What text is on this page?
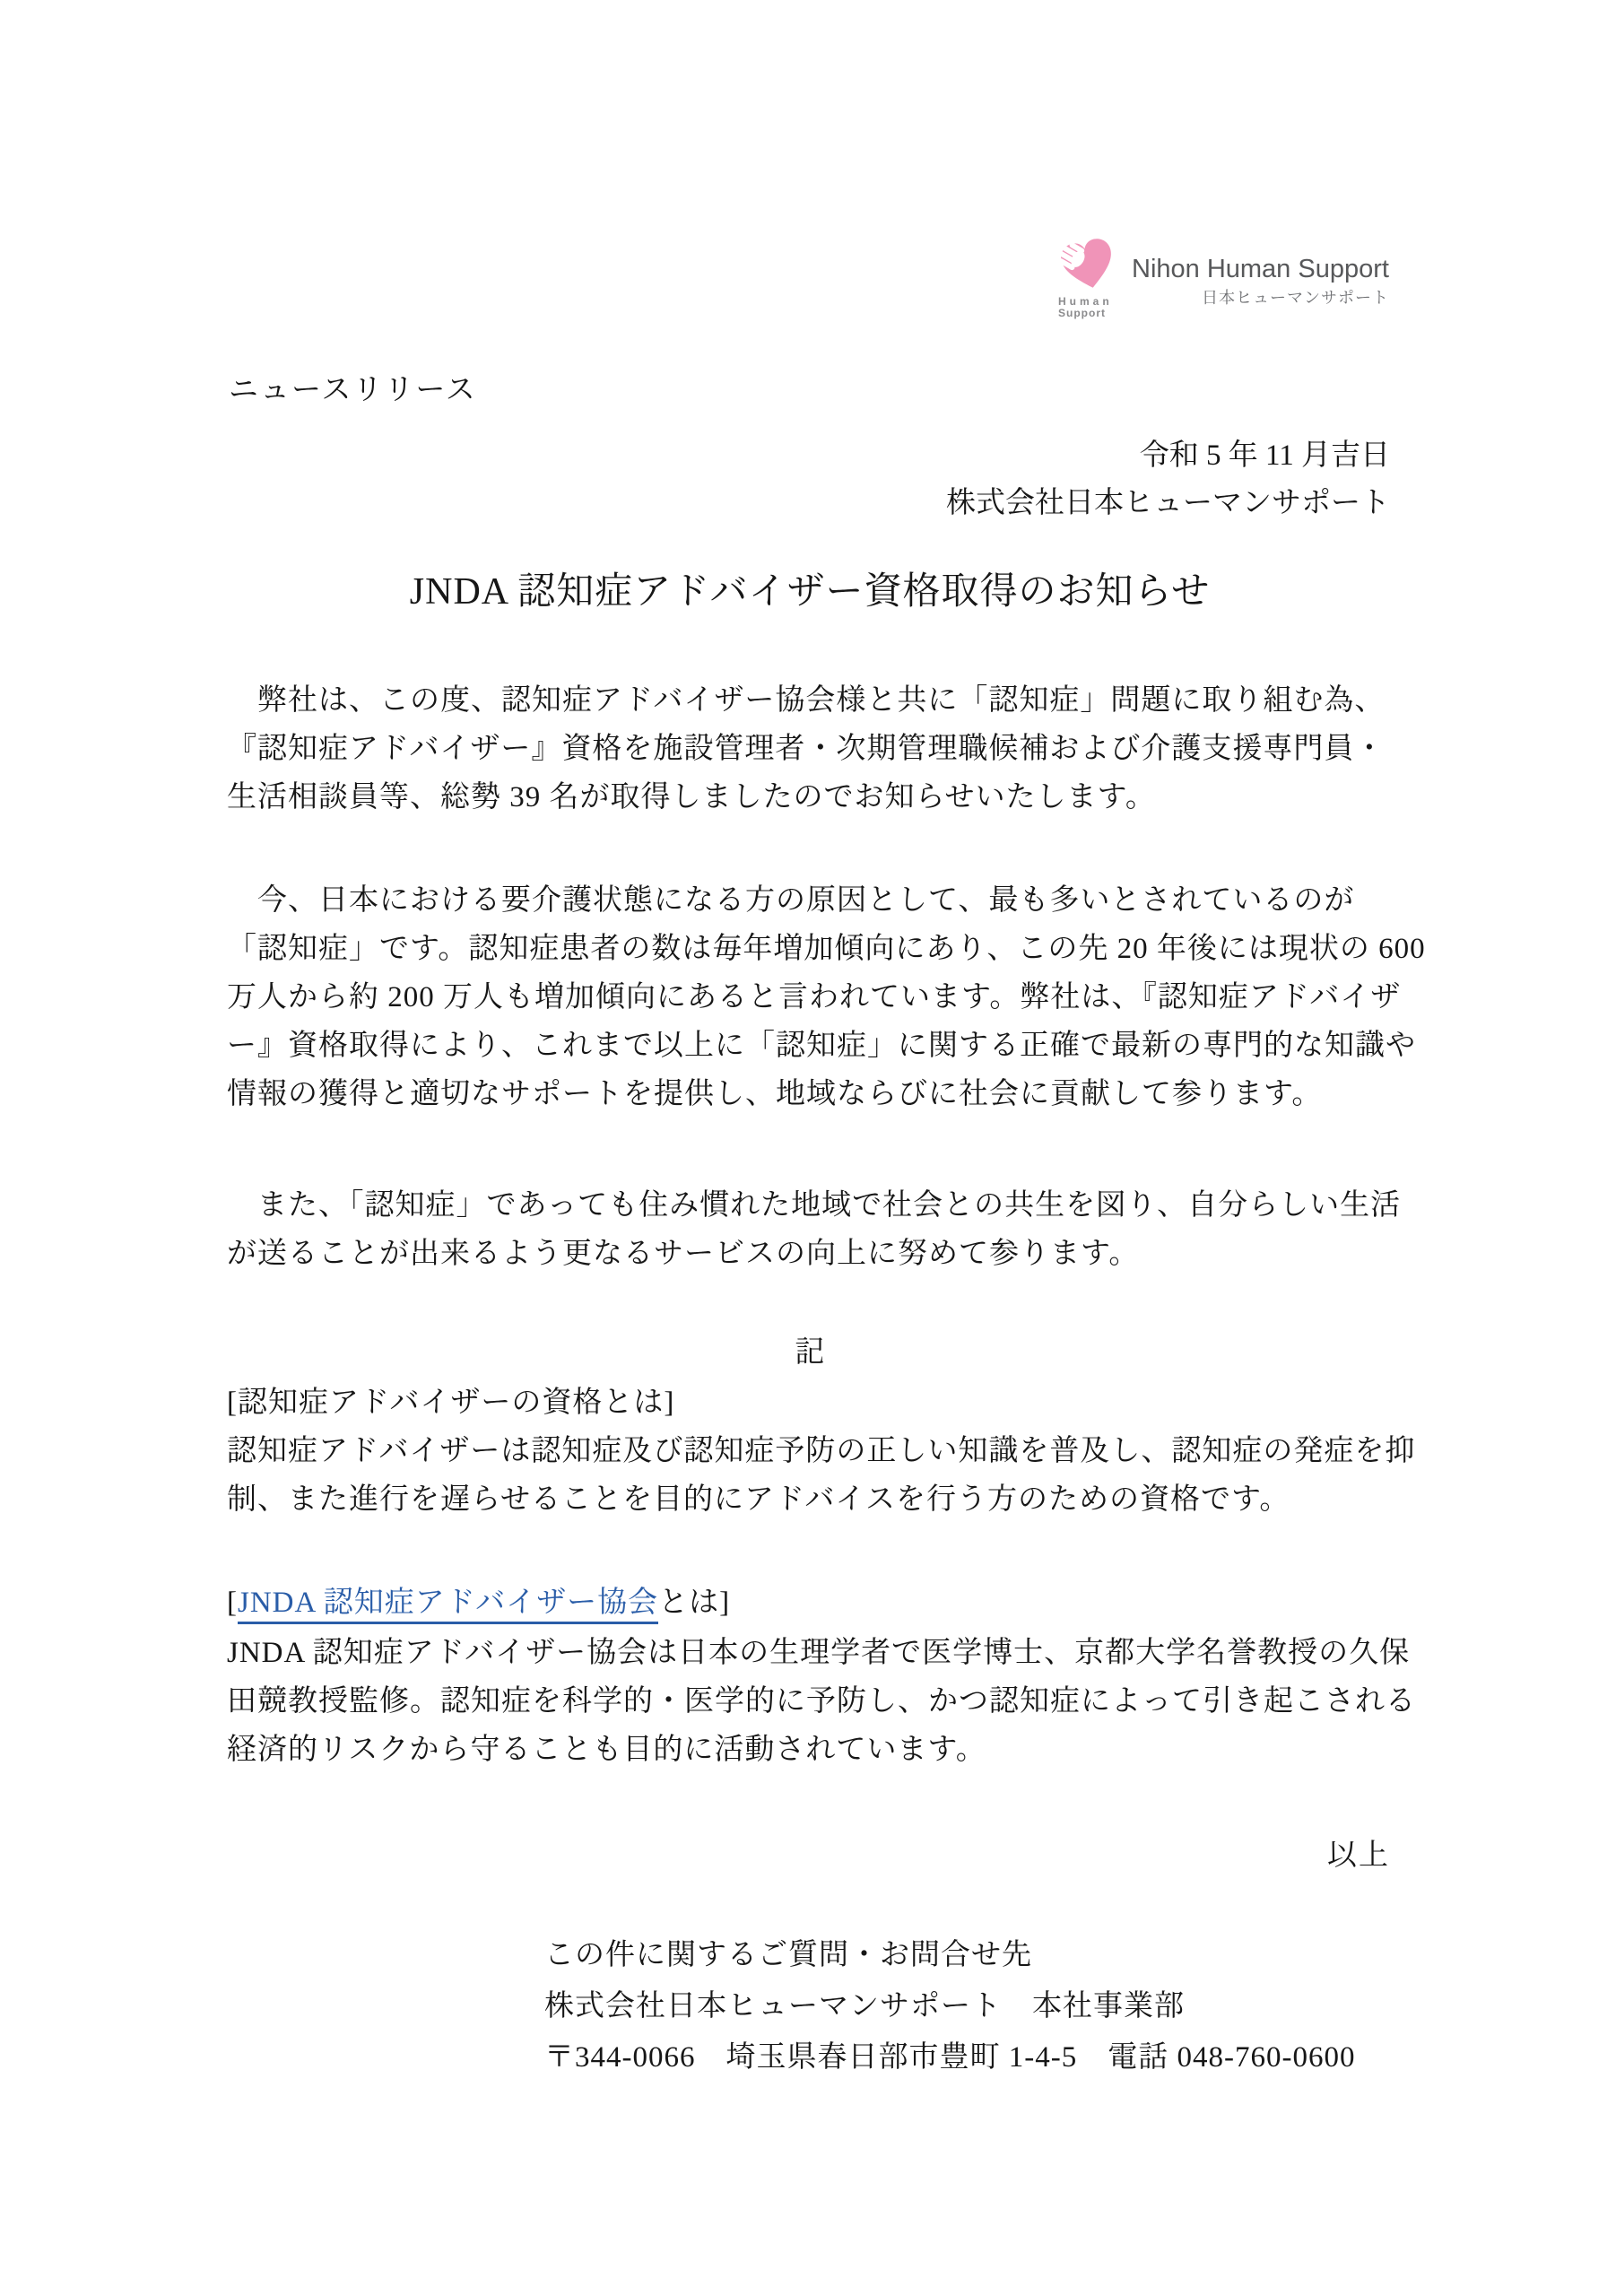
Human
Support
Nihon Human Support
日本ヒューマンサポート
ニュースリリース
令和 5 年 11 月吉日
株式会社日本ヒューマンサポート
JNDA 認知症アドバイザー資格取得のお知らせ
　弊社は、この度、認知症アドバイザー協会様と共に「認知症」問題に取り組む為、
『認知症アドバイザー』資格を施設管理者・次期管理職候補および介護支援専門員・
生活相談員等、総勢 39 名が取得しましたのでお知らせいたします。
　今、日本における要介護状態になる方の原因として、最も多いとされているのが
「認知症」です。認知症患者の数は毎年増加傾向にあり、この先 20 年後には現状の 600
万人から約 200 万人も増加傾向にあると言われています。弊社は、『認知症アドバイザ
ー』資格取得により、これまで以上に「認知症」に関する正確で最新の専門的な知識や
情報の獲得と適切なサポートを提供し、地域ならびに社会に貢献して参ります。
　また、「認知症」であっても住み慣れた地域で社会との共生を図り、自分らしい生活
が送ることが出来るよう更なるサービスの向上に努めて参ります。
記
[認知症アドバイザーの資格とは]
認知症アドバイザーは認知症及び認知症予防の正しい知識を普及し、認知症の発症を抑
制、また進行を遅らせることを目的にアドバイスを行う方のための資格です。
[JNDA 認知症アドバイザー協会とは]
JNDA 認知症アドバイザー協会は日本の生理学者で医学博士、京都大学名誉教授の久保
田競教授監修。認知症を科学的・医学的に予防し、かつ認知症によって引き起こされる
経済的リスクから守ることも目的に活動されています。
以上
この件に関するご質問・お問合せ先
株式会社日本ヒューマンサポート　本社事業部
〒344-0066　埼玉県春日部市豊町 1-4-5　電話 048-760-0600
